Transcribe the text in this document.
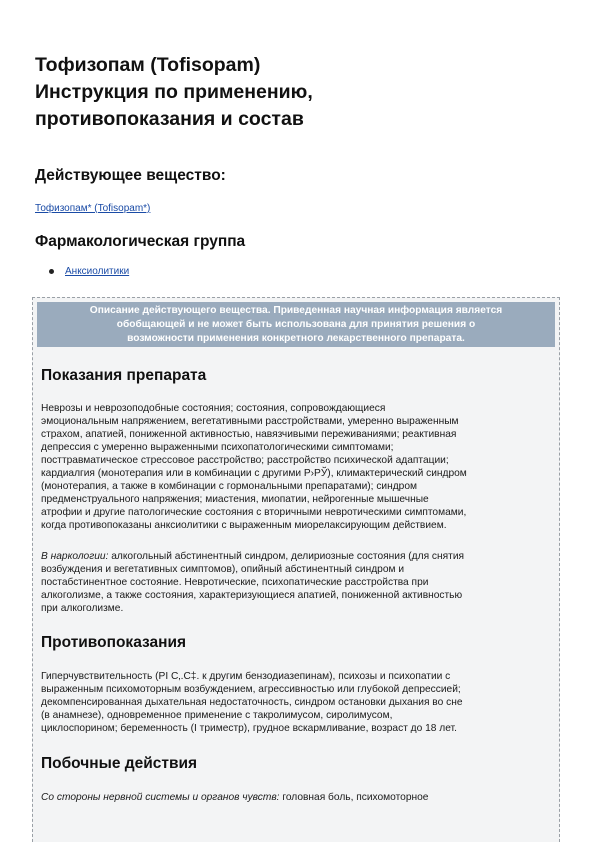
Тофизопам (Tofisopam)
Инструкция по применению,
противопоказания и состав
Действующее вещество:
Тофизопам* (Tofisopam*)
Фармакологическая группа
Анксиолитики
Описание действующего вещества. Приведенная научная информация является
обобщающей и не может быть использована для принятия решения о
возможности применения конкретного лекарственного препарата.
Показания препарата
Неврозы и неврозоподобные состояния; состояния, сопровождающиеся
эмоциональным напряжением, вегетативными расстройствами, умеренно выраженным
страхом, апатией, пониженной активностью, навязчивыми переживаниями; реактивная
депрессия с умеренно выраженными психопатологическими симптомами;
посттравматическое стрессовое расстройство; расстройство психической адаптации;
кардиалгия (монотерапия или в комбинации с другими Р›РЎ), климактерический синдром
(монотерапия, а также в комбинации с гормональными препаратами); синдром
предменструального напряжения; миастения, миопатии, нейрогенные мышечные
атрофии и другие патологические состояния с вторичными невротическими симптомами,
когда противопоказаны анксиолитики с выраженным миорелаксирующим действием.
В наркологии: алкогольный абстинентный синдром, делириозные состояния (для снятия
возбуждения и вегетативных симптомов), опийный абстинентный синдром и
постабстинентное состояние. Невротические, психопатические расстройства при
алкоголизме, а также состояния, характеризующиеся апатией, пониженной активностью
при алкоголизме.
Противопоказания
Гиперчувствительность (РІ С‚.С‡. к другим бензодиазепинам), психозы и психопатии с
выраженным психомоторным возбуждением, агрессивностью или глубокой депрессией;
декомпенсированная дыхательная недостаточность, синдром остановки дыхания во сне
(в анамнезе), одновременное применение с такролимусом, сиролимусом,
циклоспорином; беременность (I триместр), грудное вскармливание, возраст до 18 лет.
Побочные действия
Со стороны нервной системы и органов чувств: головная боль, психомоторное
